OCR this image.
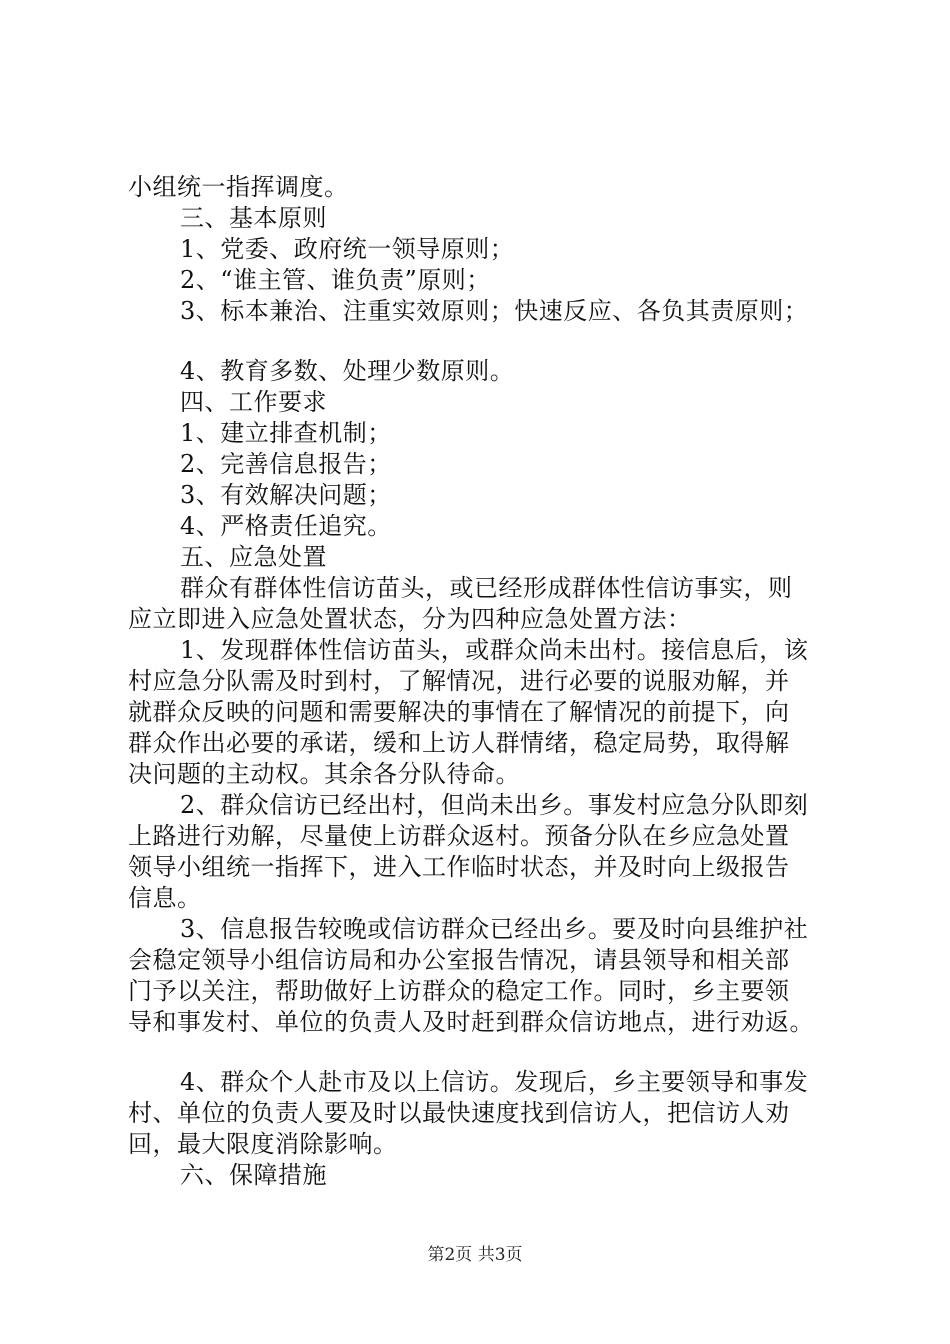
小组统一指挥调度。
三、基本原则
1、党委、政府统一领导原则；
2、“谁主管、谁负责”原则；
3、标本兼治、注重实效原则；快速反应、各负其责原则；
4、教育多数、处理少数原则。
四、工作要求
1、建立排查机制；
2、完善信息报告；
3、有效解决问题；
4、严格责任追究。
五、应急处置
群众有群体性信访苗头，或已经形成群体性信访事实，则
应立即进入应急处置状态，分为四种应急处置方法：
1、发现群体性信访苗头，或群众尚未出村。接信息后，该
村应急分队需及时到村，了解情况，进行必要的说服劝解，并
就群众反映的问题和需要解决的事情在了解情况的前提下，向
群众作出必要的承诺，缓和上访人群情绪，稳定局势，取得解
决问题的主动权。其余各分队待命。
2、群众信访已经出村，但尚未出乡。事发村应急分队即刻
上路进行劝解，尽量使上访群众返村。预备分队在乡应急处置
领导小组统一指挥下，进入工作临时状态，并及时向上级报告
信息。
3、信息报告较晚或信访群众已经出乡。要及时向县维护社
会稳定领导小组信访局和办公室报告情况，请县领导和相关部
门予以关注，帮助做好上访群众的稳定工作。同时，乡主要领
导和事发村、单位的负责人及时赶到群众信访地点，进行劝返。
4、群众个人赴市及以上信访。发现后，乡主要领导和事发
村、单位的负责人要及时以最快速度找到信访人，把信访人劝
回，最大限度消除影响。
六、保障措施
第2页 共3页
